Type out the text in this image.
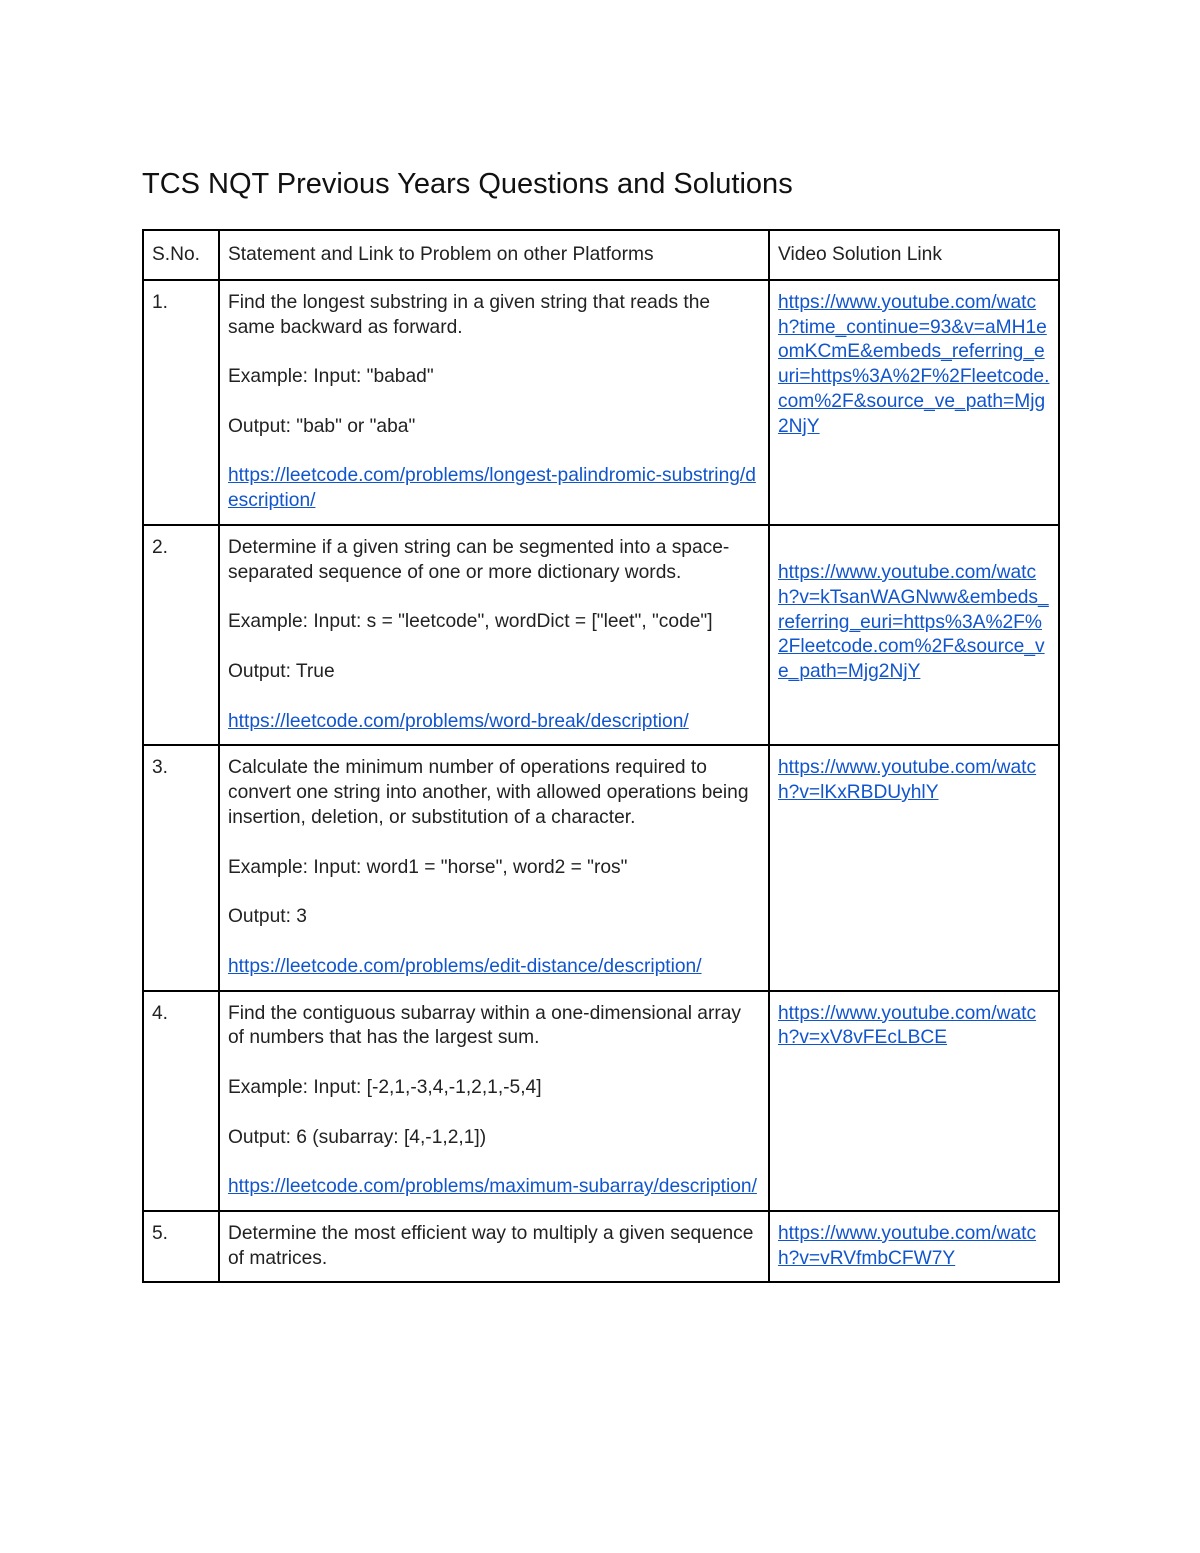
TCS NQT Previous Years Questions and Solutions
S.No.	Statement and Link to Problem on other Platforms	Video Solution Link
1.	Find the longest substring in a given string that reads the same backward as forward.

Example: Input: "babad"

Output: "bab" or "aba"

https://leetcode.com/problems/longest-palindromic-substring/description/	https://www.youtube.com/watch?time_continue=93&v=aMH1eomKCmE&embeds_referring_euri=https%3A%2F%2Fleetcode.com%2F&source_ve_path=Mjg2NjY

2.	Determine if a given string can be segmented into a space-separated sequence of one or more dictionary words.

Example: Input: s = "leetcode", wordDict = ["leet", "code"]

Output: True

https://leetcode.com/problems/word-break/description/	https://www.youtube.com/watch?v=kTsanWAGNww&embeds_referring_euri=https%3A%2F%2Fleetcode.com%2F&source_ve_path=Mjg2NjY

3.	Calculate the minimum number of operations required to convert one string into another, with allowed operations being insertion, deletion, or substitution of a character.

Example: Input: word1 = "horse", word2 = "ros"

Output: 3

https://leetcode.com/problems/edit-distance/description/	https://www.youtube.com/watch?v=lKxRBDUyhlY

4.	Find the contiguous subarray within a one-dimensional array of numbers that has the largest sum.

Example: Input: [-2,1,-3,4,-1,2,1,-5,4]

Output: 6 (subarray: [4,-1,2,1])

https://leetcode.com/problems/maximum-subarray/description/	https://www.youtube.com/watch?v=xV8vFEcLBCE

5.	Determine the most efficient way to multiply a given sequence of matrices.	https://www.youtube.com/watch?v=vRVfmbCFW7Y
